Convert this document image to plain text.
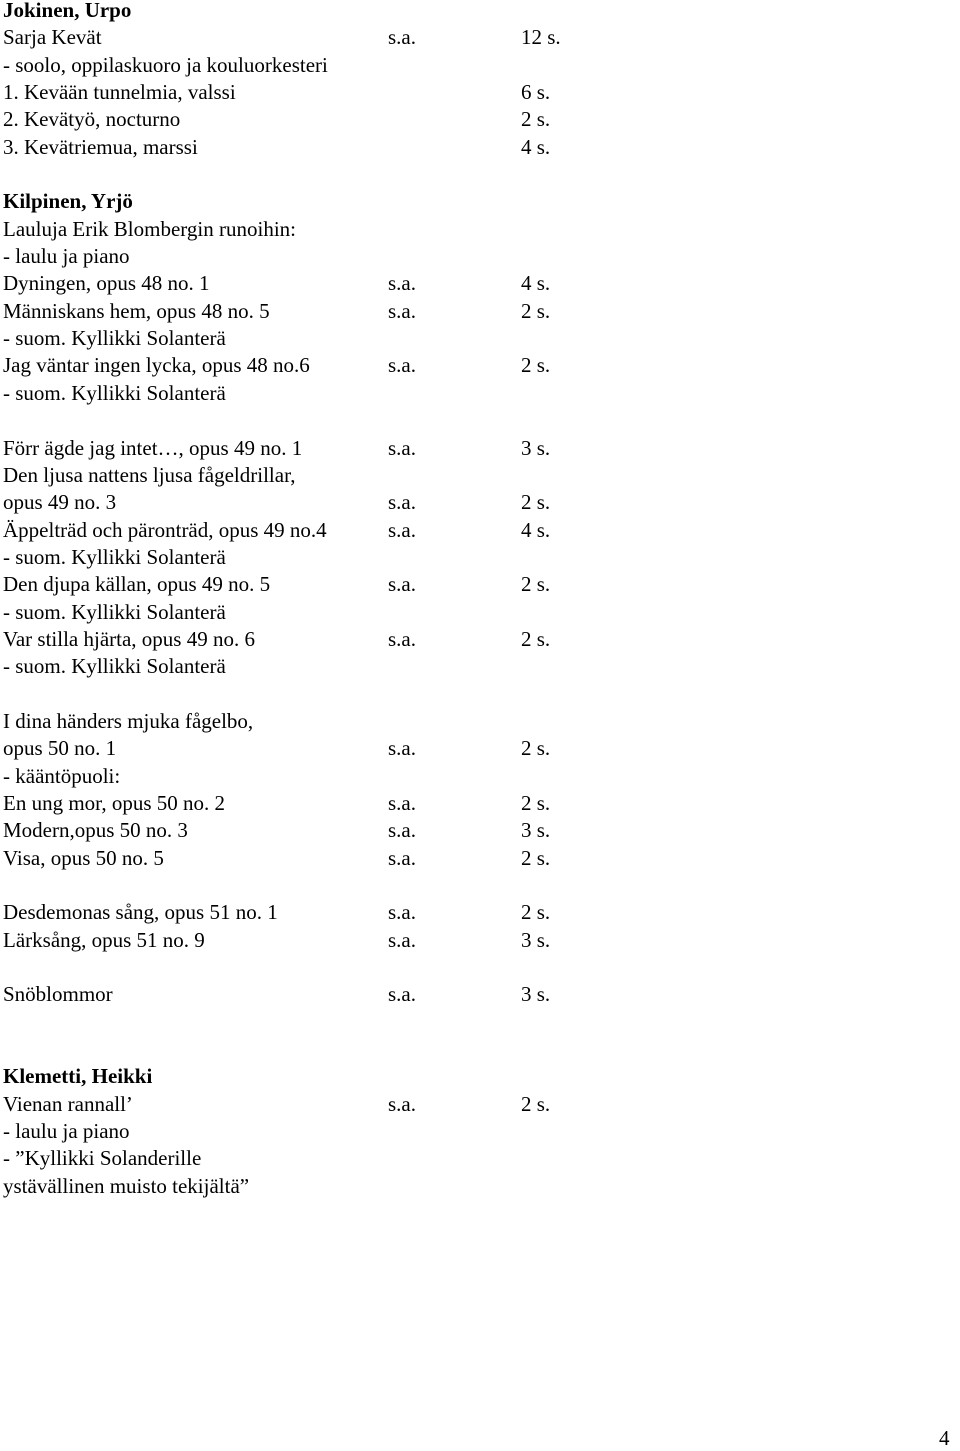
Jokinen, Urpo
Sarja Kevät	s.a.	12 s.
- soolo, oppilaskuoro ja kouluorkesteri
1. Kevään tunnelmia, valssi	6 s.
2. Kevätyö, nocturno	2 s.
3. Kevätriemua, marssi	4 s.
Kilpinen, Yrjö
Lauluja Erik Blombergin runoihin:
- laulu ja piano
Dyningen, opus 48 no. 1	s.a.	4 s.
Människans hem, opus 48 no. 5	s.a.	2 s.
- suom. Kyllikki Solanterä
Jag väntar ingen lycka, opus 48 no.6	s.a.	2 s.
- suom. Kyllikki Solanterä
Förr ägde jag intet…, opus 49 no. 1	s.a.	3 s.
Den ljusa nattens ljusa fågeldrillar,
opus 49 no. 3	s.a.	2 s.
Äppelträd och päronträd, opus 49 no.4	s.a.	4 s.
- suom. Kyllikki Solanterä
Den djupa källan, opus 49 no. 5	s.a.	2 s.
- suom. Kyllikki Solanterä
Var stilla hjärta, opus 49 no. 6	s.a.	2 s.
- suom. Kyllikki Solanterä
I dina händers mjuka fågelbo,
opus 50 no. 1	s.a.	2 s.
- kääntöpuoli:
En ung mor, opus 50 no. 2	s.a.	2 s.
Modern,opus 50 no. 3	s.a.	3 s.
Visa, opus 50 no. 5	s.a.	2 s.
Desdemonas sång, opus 51 no. 1	s.a.	2 s.
Lärksång, opus 51 no. 9	s.a.	3 s.
Snöblommor	s.a.	3 s.
Klemetti, Heikki
Vienan rannall’	s.a.	2 s.
- laulu ja piano
- ”Kyllikki Solanderille
ystävällinen muisto tekijältä”
4
